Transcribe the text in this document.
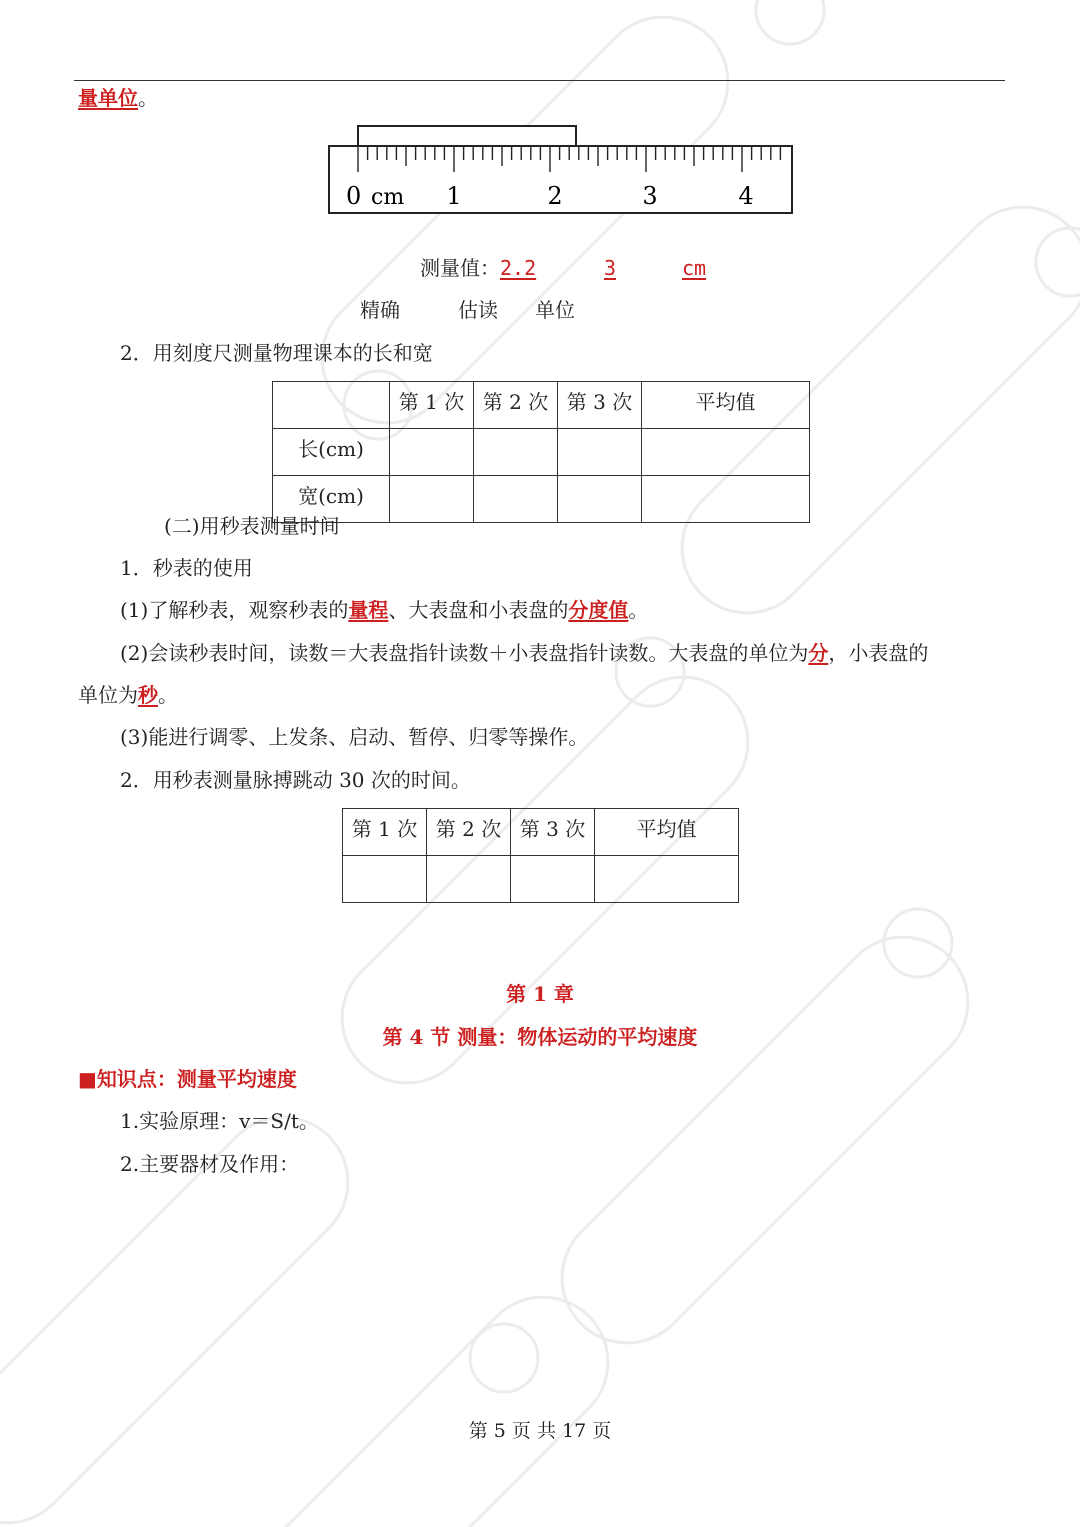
量单位。
0 cm 1	2	3	4
测量值：2.2	3	cm
精确	估读 单位
2．用刻度尺测量物理课本的长和宽
	第 1 次	第 2 次	第 3 次	平均值
长(cm)				
宽(cm)				
(二)用秒表测量时间
1．秒表的使用
(1)了解秒表，观察秒表的量程、大表盘和小表盘的分度值。
(2)会读秒表时间，读数＝大表盘指针读数＋小表盘指针读数。大表盘的单位为分，小表盘的
单位为秒。
(3)能进行调零、上发条、启动、暂停、归零等操作。
2．用秒表测量脉搏跳动 30 次的时间。
第 1 次	第 2 次	第 3 次	平均值

第 1 章
第 4 节 测量：物体运动的平均速度
■知识点：测量平均速度
1.实验原理：v＝S/t。
2.主要器材及作用：
第 5 页 共 17 页
